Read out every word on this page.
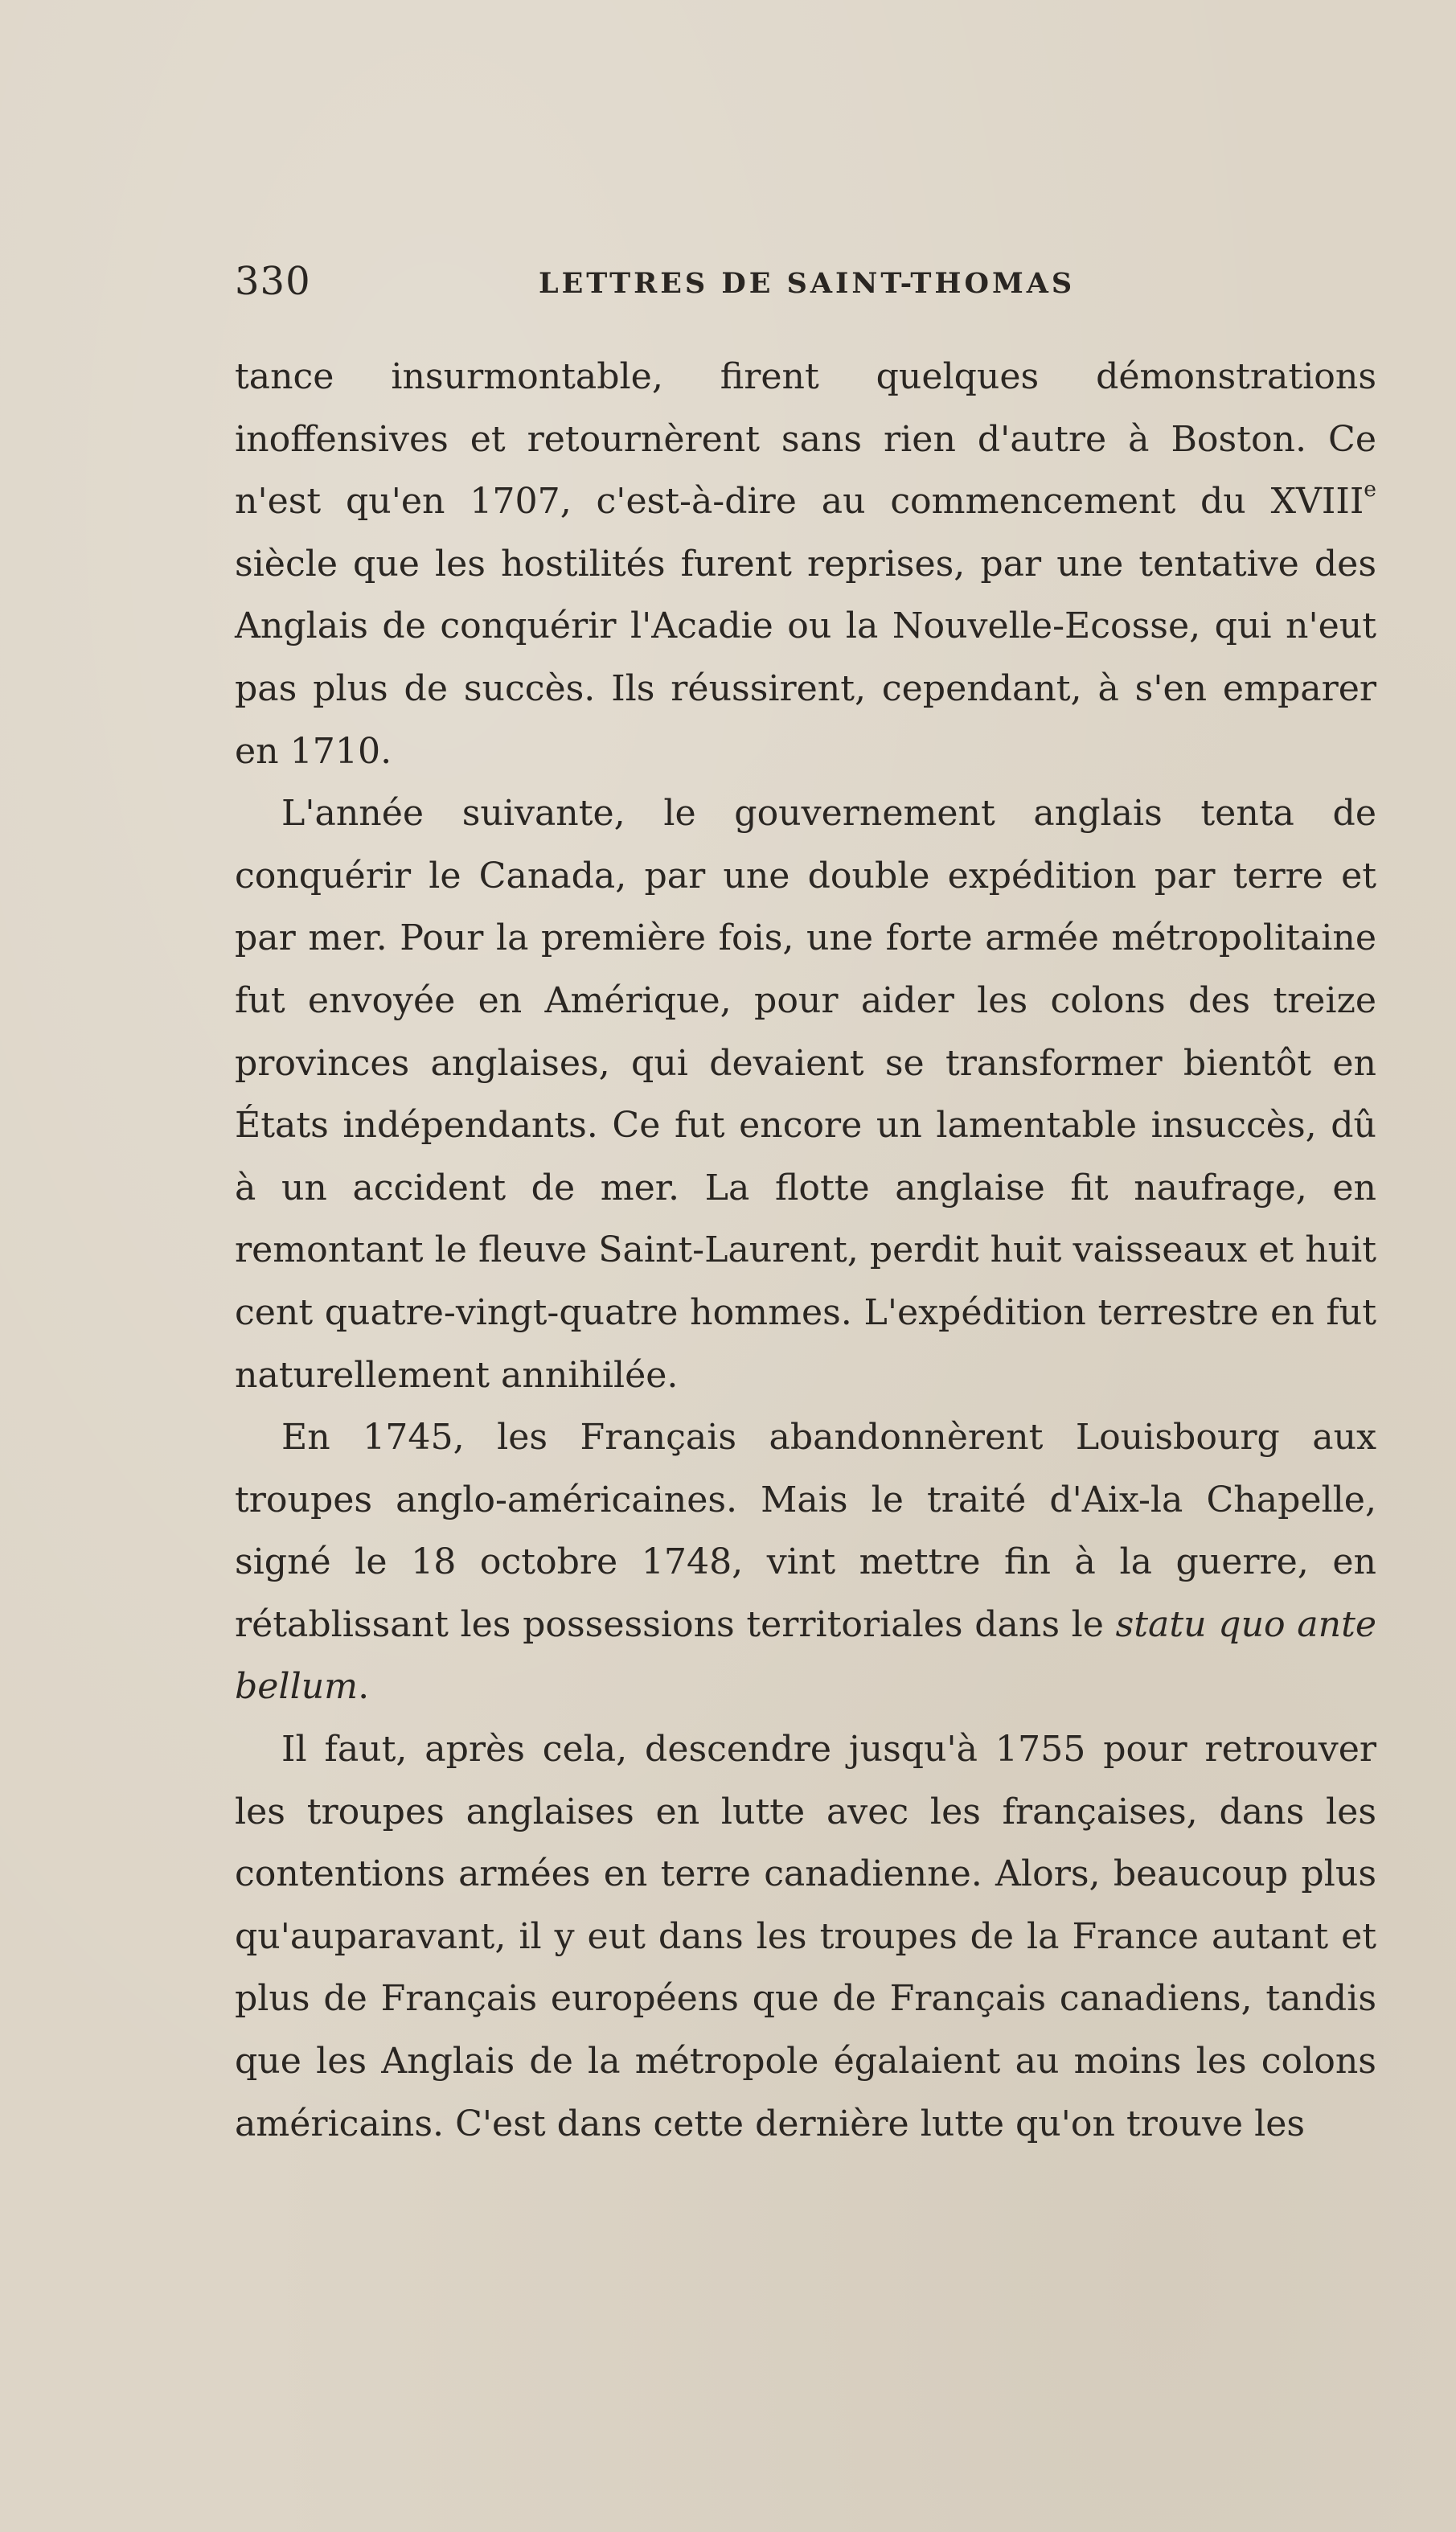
330	LETTRES DE SAINT-THOMAS

tance insurmontable, firent quelques démonstrations inoffensives et retournèrent sans rien d'autre à Boston. Ce n'est qu'en 1707, c'est-à-dire au commencement du XVIIIe siècle que les hostilités furent reprises, par une tentative des Anglais de conquérir l'Acadie ou la Nouvelle-Ecosse, qui n'eut pas plus de succès. Ils réussirent, cependant, à s'en emparer en 1710.

L'année suivante, le gouvernement anglais tenta de conquérir le Canada, par une double expédition par terre et par mer. Pour la première fois, une forte armée métropolitaine fut envoyée en Amérique, pour aider les colons des treize provinces anglaises, qui devaient se transformer bientôt en États indépendants. Ce fut encore un lamentable insuccès, dû à un accident de mer. La flotte anglaise fit naufrage, en remontant le fleuve Saint-Laurent, perdit huit vaisseaux et huit cent quatre-vingt-quatre hommes. L'expédition terrestre en fut naturellement annihilée.

En 1745, les Français abandonnèrent Louisbourg aux troupes anglo-américaines. Mais le traité d'Aix-la Chapelle, signé le 18 octobre 1748, vint mettre fin à la guerre, en rétablissant les possessions territoriales dans le statu quo ante bellum.

Il faut, après cela, descendre jusqu'à 1755 pour retrouver les troupes anglaises en lutte avec les françaises, dans les contentions armées en terre canadienne. Alors, beaucoup plus qu'auparavant, il y eut dans les troupes de la France autant et plus de Français européens que de Français canadiens, tandis que les Anglais de la métropole égalaient au moins les colons américains. C'est dans cette dernière lutte qu'on trouve les
